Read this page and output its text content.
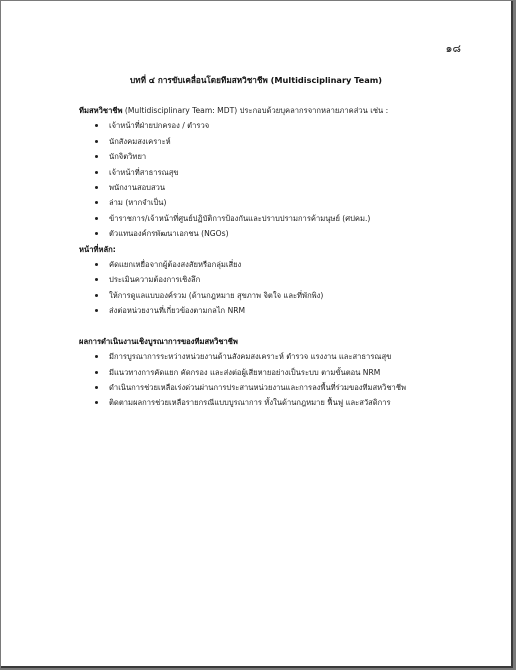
๑๘
บทที่ ๔ การขับเคลื่อนโดยทีมสหวิชาชีพ (Multidisciplinary Team)
ทีมสหวิชาชีพ (Multidisciplinary Team: MDT) ประกอบด้วยบุคลากรจากหลายภาคส่วน เช่น :
เจ้าหน้าที่ฝ่ายปกครอง / ตำรวจ
นักสังคมสงเคราะห์
นักจิตวิทยา
เจ้าหน้าที่สาธารณสุข
พนักงานสอบสวน
ล่าม (หากจำเป็น)
ข้าราชการ/เจ้าหน้าที่ศูนย์ปฏิบัติการป้องกันและปราบปรามการค้ามนุษย์ (ศปคม.)
ตัวแทนองค์กรพัฒนาเอกชน (NGOs)
หน้าที่หลัก:
คัดแยกเหยื่อจากผู้ต้องสงสัยหรือกลุ่มเสี่ยง
ประเมินความต้องการเชิงลึก
ให้การดูแลแบบองค์รวม (ด้านกฎหมาย สุขภาพ จิตใจ และที่พักพิง)
ส่งต่อหน่วยงานที่เกี่ยวข้องตามกลไก NRM
ผลการดำเนินงานเชิงบูรณาการของทีมสหวิชาชีพ
มีการบูรณาการระหว่างหน่วยงานด้านสังคมสงเคราะห์ ตำรวจ แรงงาน และสาธารณสุข
มีแนวทางการคัดแยก คัดกรอง และส่งต่อผู้เสียหายอย่างเป็นระบบ ตามขั้นตอน NRM
ดำเนินการช่วยเหลือเร่งด่วนผ่านการประสานหน่วยงานและการลงพื้นที่ร่วมของทีมสหวิชาชีพ
ติดตามผลการช่วยเหลือรายกรณีแบบบูรณาการ ทั้งในด้านกฎหมาย ฟื้นฟู และสวัสดิการ
